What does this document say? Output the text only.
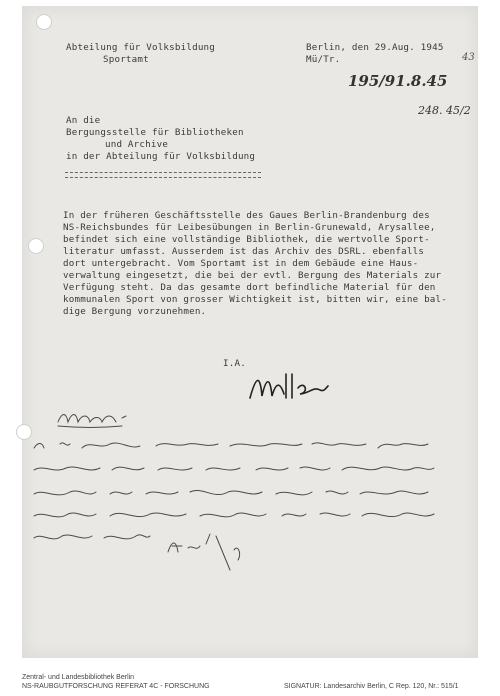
Abteilung für Volksbildung
Sportamt
Berlin, den 29.Aug. 1945
Mü/Tr.	43
195/91.8.45
248. 45/2
An die
Bergungsstelle für Bibliotheken
und Archive
in der Abteilung für Volksbildung
In der früheren Geschäftsstelle des Gaues Berlin-Brandenburg des
NS-Reichsbundes für Leibesübungen in Berlin-Grunewald, Arysallee,
befindet sich eine vollständige Bibliothek, die wertvolle Sport-
literatur umfasst. Ausserdem ist das Archiv des DSRL. ebenfalls
dort untergebracht. Vom Sportamt ist in dem Gebäude eine Haus-
verwaltung eingesetzt, die bei der evtl. Bergung des Materials zur
Verfügung steht. Da das gesamte dort befindliche Material für den
kommunalen Sport von grosser Wichtigkeit ist, bitten wir, eine bal-
dige Bergung vorzunehmen.
I.A.
Zentral- und Landesbibliothek Berlin
NS-RAUBGUTFORSCHUNG REFERAT 4C - FORSCHUNG	SIGNATUR: Landesarchiv Berlin, C Rep. 120, Nr.: 515/1
